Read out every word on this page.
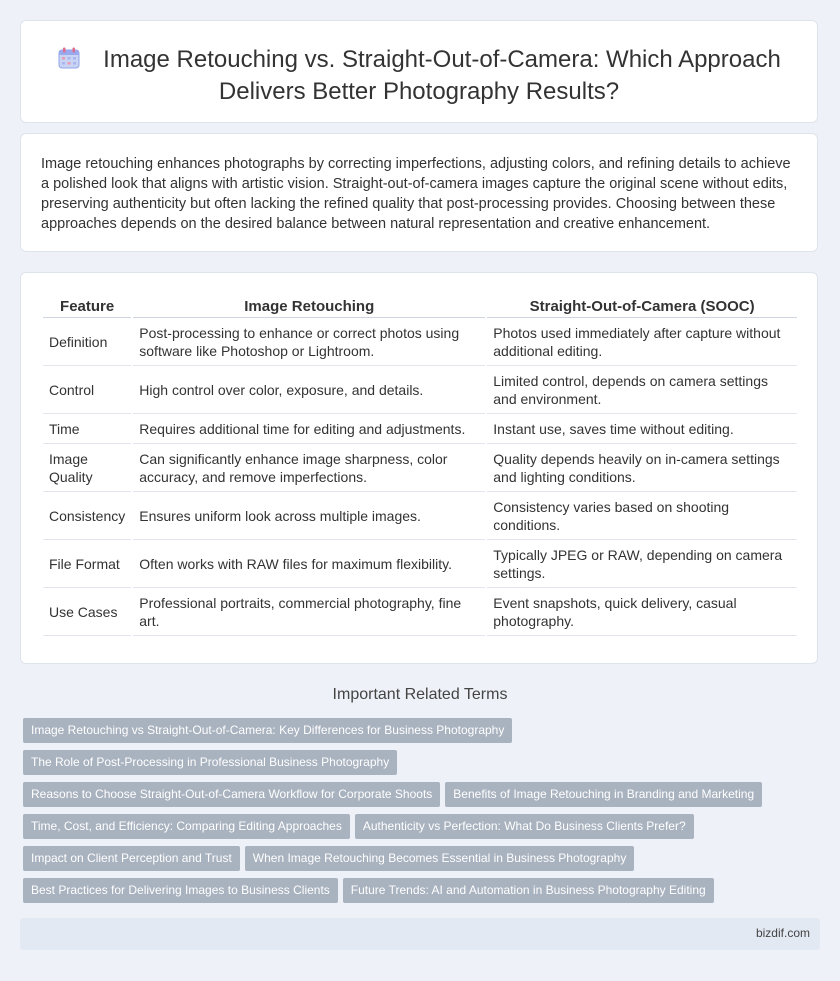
Image Retouching vs. Straight-Out-of-Camera: Which Approach Delivers Better Photography Results?

Image retouching enhances photographs by correcting imperfections, adjusting colors, and refining details to achieve a polished look that aligns with artistic vision. Straight-out-of-camera images capture the original scene without edits, preserving authenticity but often lacking the refined quality that post-processing provides. Choosing between these approaches depends on the desired balance between natural representation and creative enhancement.

Feature	Image Retouching	Straight-Out-of-Camera (SOOC)
Definition	Post-processing to enhance or correct photos using software like Photoshop or Lightroom.	Photos used immediately after capture without additional editing.
Control	High control over color, exposure, and details.	Limited control, depends on camera settings and environment.
Time	Requires additional time for editing and adjustments.	Instant use, saves time without editing.
Image Quality	Can significantly enhance image sharpness, color accuracy, and remove imperfections.	Quality depends heavily on in-camera settings and lighting conditions.
Consistency	Ensures uniform look across multiple images.	Consistency varies based on shooting conditions.
File Format	Often works with RAW files for maximum flexibility.	Typically JPEG or RAW, depending on camera settings.
Use Cases	Professional portraits, commercial photography, fine art.	Event snapshots, quick delivery, casual photography.
Important Related Terms
Image Retouching vs Straight-Out-of-Camera: Key Differences for Business PhotographyThe Role of Post-Processing in Professional Business PhotographyReasons to Choose Straight-Out-of-Camera Workflow for Corporate Shoots Benefits of Image Retouching in Branding and MarketingTime, Cost, and Efficiency: Comparing Editing Approaches Authenticity vs Perfection: What Do Business Clients Prefer?Impact on Client Perception and Trust When Image Retouching Becomes Essential in Business PhotographyBest Practices for Delivering Images to Business Clients Future Trends: AI and Automation in Business Photography Editing
bizdif.com
